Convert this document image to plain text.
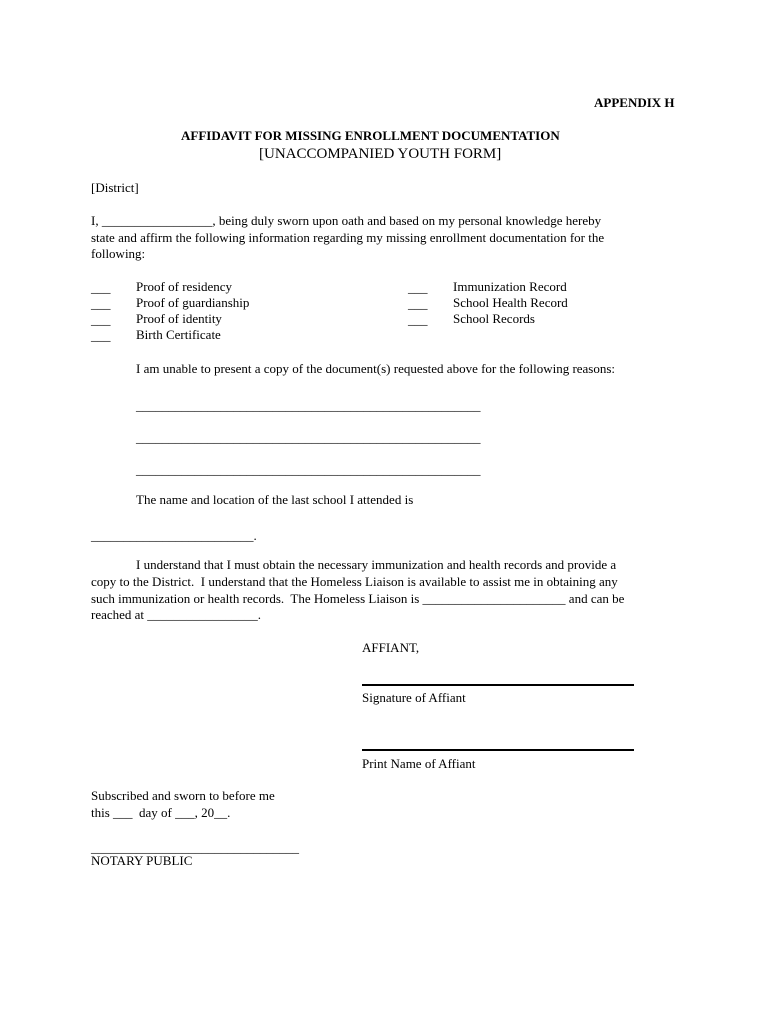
APPENDIX H
AFFIDAVIT FOR MISSING ENROLLMENT DOCUMENTATION
[UNACCOMPANIED YOUTH FORM]
[District]
I, _________________, being duly sworn upon oath and based on my personal knowledge hereby
state and affirm the following information regarding my missing enrollment documentation for the
following:
___ Proof of residency
___ Proof of guardianship
___ Proof of identity
___ Birth Certificate
___ Immunization Record
___ School Health Record
___ School Records
I am unable to present a copy of the document(s) requested above for the following reasons:
_____________________________________________________
_____________________________________________________
_____________________________________________________
The name and location of the last school I attended is
_________________________.
I understand that I must obtain the necessary immunization and health records and provide a
copy to the District.  I understand that the Homeless Liaison is available to assist me in obtaining any
such immunization or health records.  The Homeless Liaison is ______________________ and can be
reached at _________________.
AFFIANT,
Signature of Affiant
Print Name of Affiant
Subscribed and sworn to before me
this ___  day of ___, 20__.
________________________________
NOTARY PUBLIC
